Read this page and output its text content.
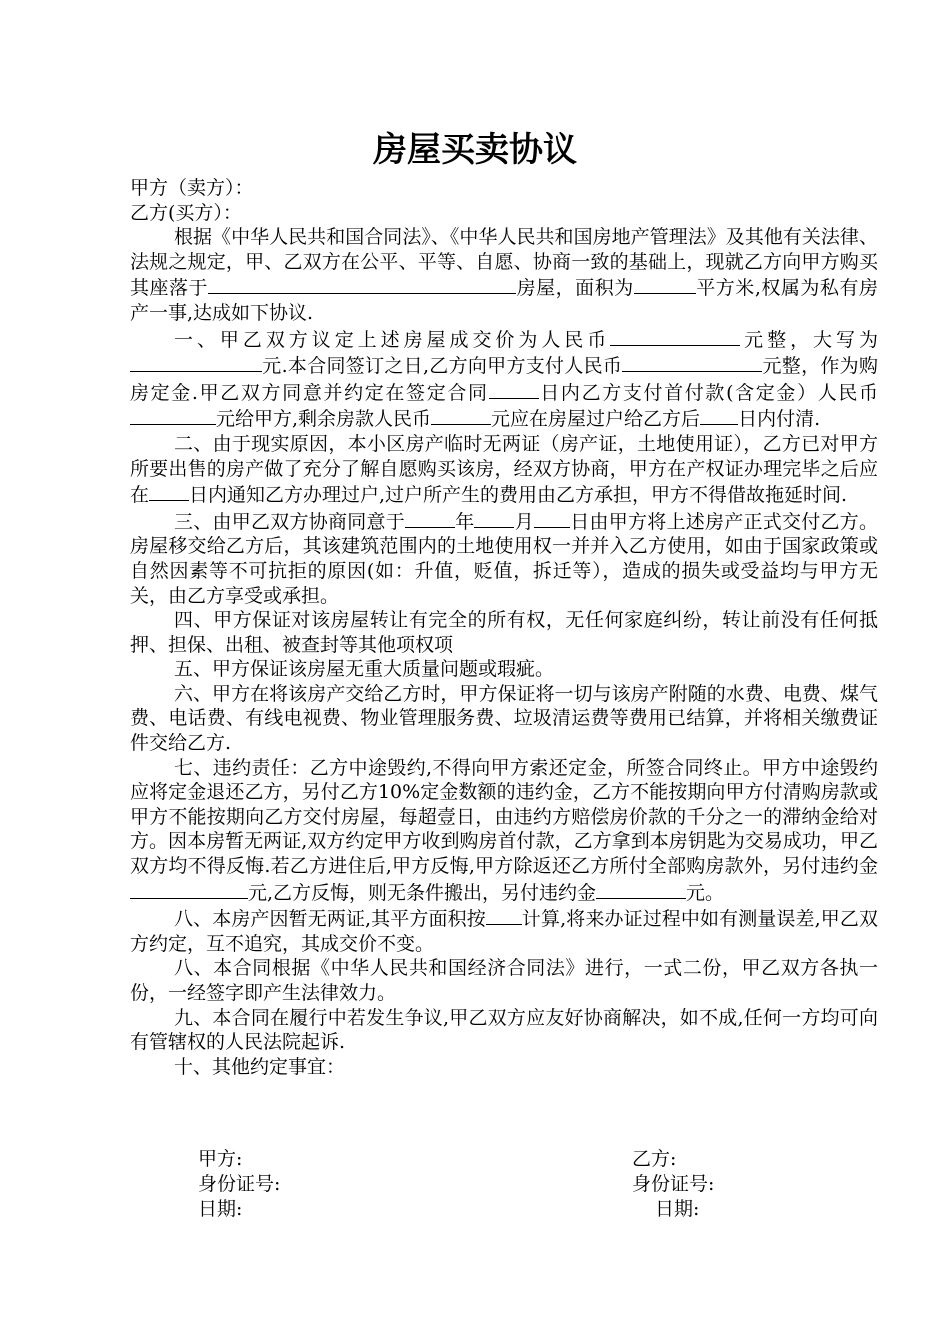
房屋买卖协议
甲方（卖方）：
乙方(买方）：

根据《中华人民共和国合同法》、《中华人民共和国房地产管理法》及其他有关法律、法规之规定，甲、乙双方在公平、平等、自愿、协商一致的基础上，现就乙方向甲方购买其座落于	房屋，面积为	平方米,权属为私有房产一事,达成如下协议.

一、甲乙双方议定上述房屋成交价为人民币	元整，大写为元.本合同签订之日,乙方向甲方支付人民币	元整，作为购房定金.甲乙双方同意并约定在签定合同	日内乙方支付首付款(含定金）人民币元给甲方,剩余房款人民币	元应在房屋过户给乙方后 日内付清.

二、由于现实原因，本小区房产临时无两证（房产证，土地使用证），乙方已对甲方所要出售的房产做了充分了解自愿购买该房，经双方协商，甲方在产权证办理完毕之后应在 日内通知乙方办理过户,过户所产生的费用由乙方承担，甲方不得借故拖延时间.

三、由甲乙双方协商同意于	年 月 日由甲方将上述房产正式交付乙方。房屋移交给乙方后，其该建筑范围内的土地使用权一并并入乙方使用，如由于国家政策或自然因素等不可抗拒的原因(如：升值，贬值，拆迁等），造成的损失或受益均与甲方无关，由乙方享受或承担。

四、甲方保证对该房屋转让有完全的所有权，无任何家庭纠纷，转让前没有任何抵押、担保、出租、被查封等其他项权项

五、甲方保证该房屋无重大质量问题或瑕疵。

六、甲方在将该房产交给乙方时，甲方保证将一切与该房产附随的水费、电费、煤气费、电话费、有线电视费、物业管理服务费、垃圾清运费等费用已结算，并将相关缴费证件交给乙方.

七、违约责任：乙方中途毁约,不得向甲方索还定金，所签合同终止。甲方中途毁约应将定金退还乙方，另付乙方10%定金数额的违约金，乙方不能按期向甲方付清购房款或甲方不能按期向乙方交付房屋，每超壹日，由违约方赔偿房价款的千分之一的滞纳金给对方。因本房暂无两证,双方约定甲方收到购房首付款，乙方拿到本房钥匙为交易成功，甲乙双方均不得反悔.若乙方进住后,甲方反悔,甲方除返还乙方所付全部购房款外，另付违约金元,乙方反悔，则无条件搬出，另付违约金	元。

八、本房产因暂无两证,其平方面积按 计算,将来办证过程中如有测量误差,甲乙双方约定，互不追究，其成交价不变。

八、本合同根据《中华人民共和国经济合同法》进行，一式二份，甲乙双方各执一份，一经签字即产生法律效力。

九、本合同在履行中若发生争议,甲乙双方应友好协商解决，如不成,任何一方均可向有管辖权的人民法院起诉.

十、其他约定事宜：

甲方:
身份证号:
日期:
乙方:
身份证号:
日期:
